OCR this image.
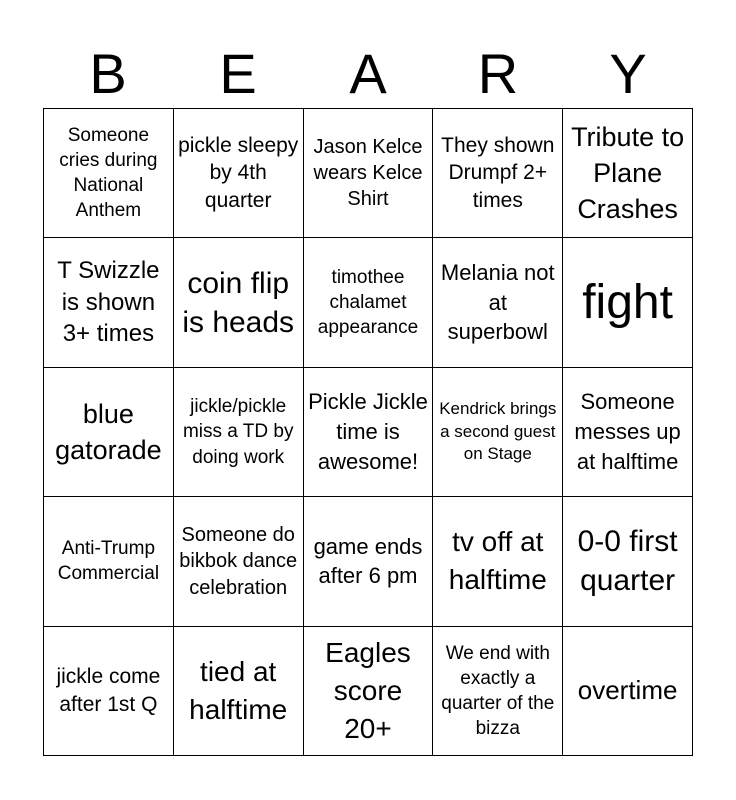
B	E	A	R	Y
Someone cries during National Anthem
pickle sleepy by 4th quarter
Jason Kelce wears Kelce Shirt
They shown Drumpf 2+ times
Tribute to Plane Crashes
T Swizzle is shown 3+ times
coin flip is heads
timothee chalamet appearance
Melania not at superbowl
fight
blue gatorade
jickle/pickle miss a TD by doing work
Pickle Jickle time is awesome!
Kendrick brings a second guest on Stage
Someone messes up at halftime
Anti-Trump Commercial
Someone do bikbok dance celebration
game ends after 6 pm
tv off at halftime
0-0 first quarter
jickle come after 1st Q
tied at halftime
Eagles score 20+
We end with exactly a quarter of the bizza
overtime
